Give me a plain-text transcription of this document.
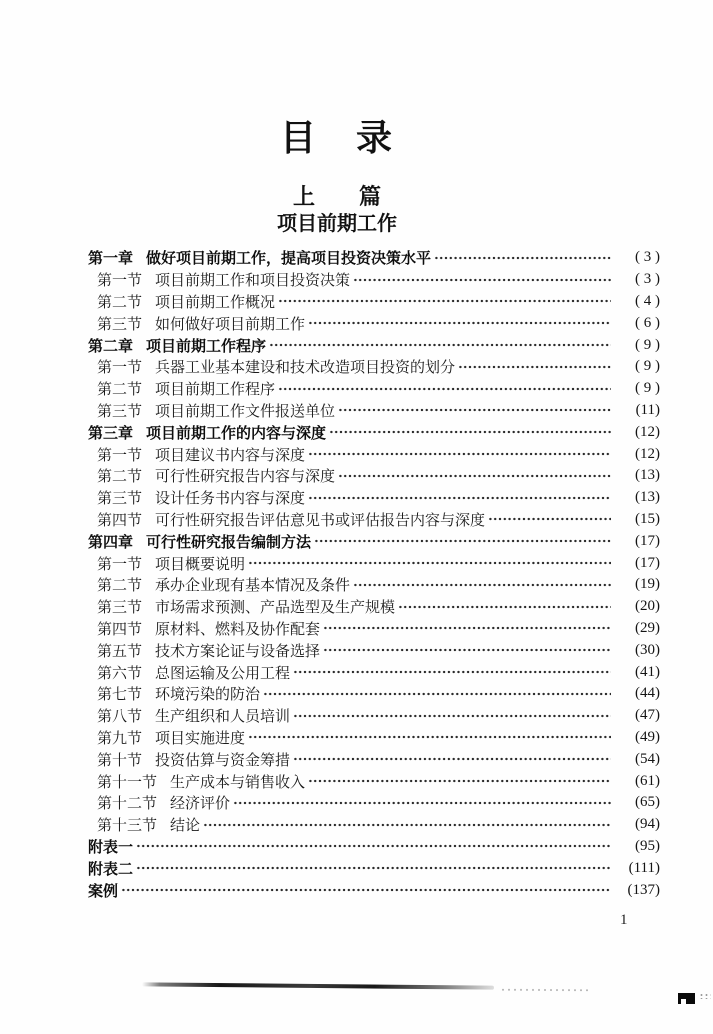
目　录
上　　篇
项目前期工作
第一章 做好项目前期工作，提高项目投资决策水平	( 3 )
第一节 项目前期工作和项目投资决策	( 3 )
第二节 项目前期工作概况	( 4 )
第三节 如何做好项目前期工作	( 6 )
第二章 项目前期工作程序	( 9 )
第一节 兵器工业基本建设和技术改造项目投资的划分	( 9 )
第二节 项目前期工作程序	( 9 )
第三节 项目前期工作文件报送单位	(11)
第三章 项目前期工作的内容与深度	(12)
第一节 项目建议书内容与深度	(12)
第二节 可行性研究报告内容与深度	(13)
第三节 设计任务书内容与深度	(13)
第四节 可行性研究报告评估意见书或评估报告内容与深度	(15)
第四章 可行性研究报告编制方法	(17)
第一节 项目概要说明	(17)
第二节 承办企业现有基本情况及条件	(19)
第三节 市场需求预测、产品选型及生产规模	(20)
第四节 原材料、燃料及协作配套	(29)
第五节 技术方案论证与设备选择	(30)
第六节 总图运输及公用工程	(41)
第七节 环境污染的防治	(44)
第八节 生产组织和人员培训	(47)
第九节 项目实施进度	(49)
第十节 投资估算与资金筹措	(54)
第十一节 生产成本与销售收入	(61)
第十二节 经济评价	(65)
第十三节 结论	(94)
附表一	(95)
附表二	(111)
案例	(137)
1
